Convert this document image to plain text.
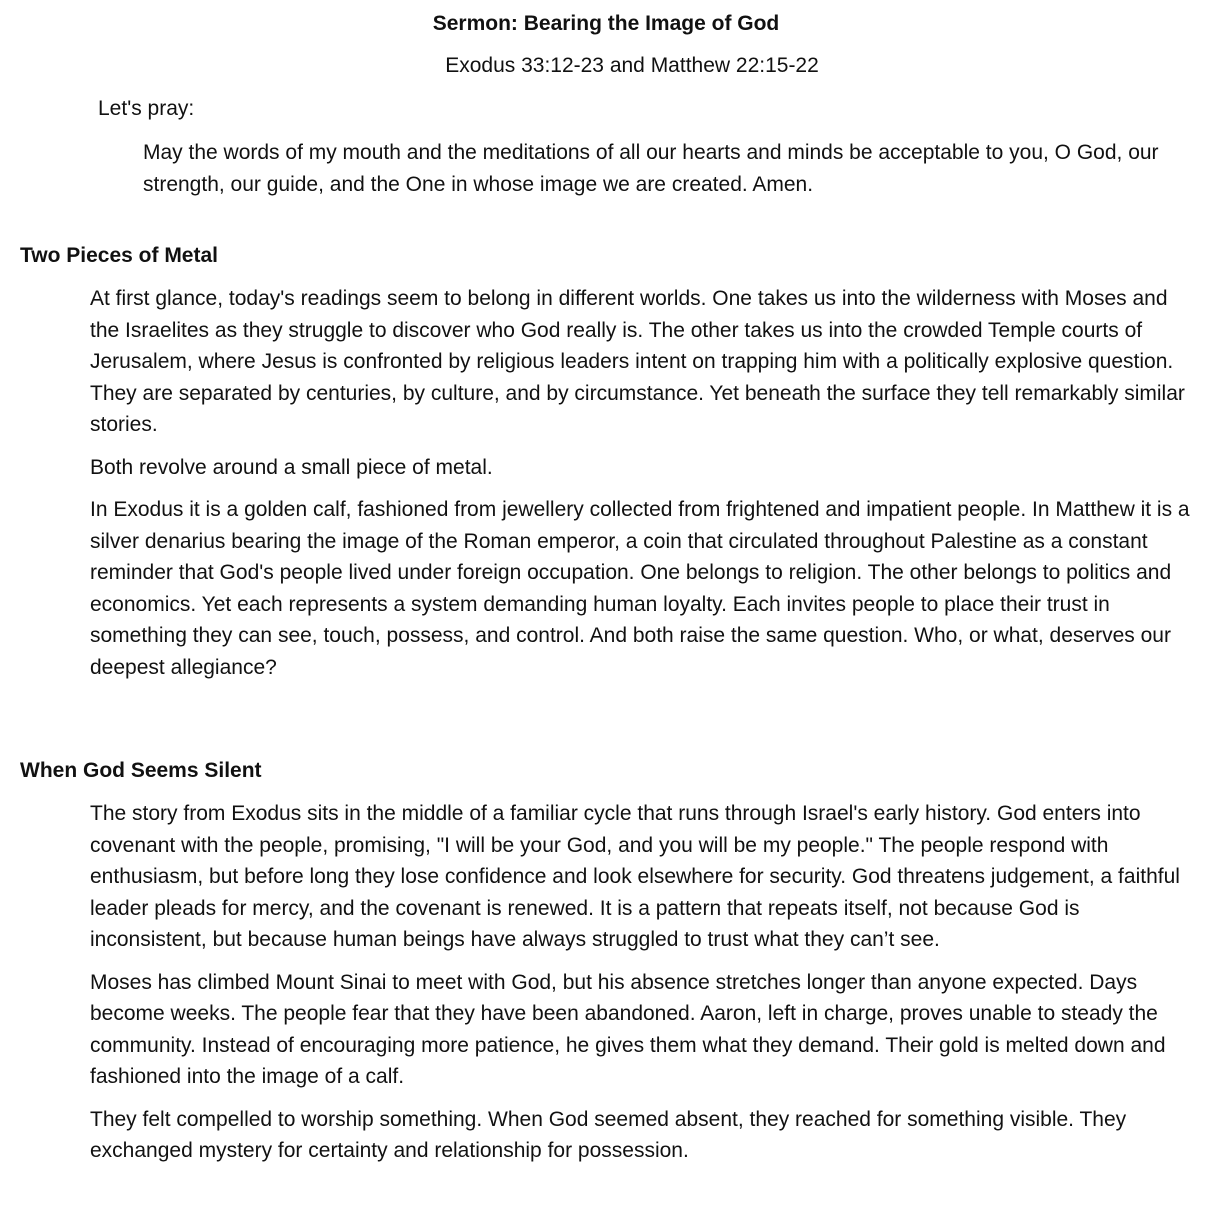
Sermon: Bearing the Image of God

Exodus 33:12-23 and Matthew 22:15-22

Let's pray:

May the words of my mouth and the meditations of all our hearts and minds be acceptable to you, O God, our strength, our guide, and the One in whose image we are created. Amen.

Two Pieces of Metal

At first glance, today's readings seem to belong in different worlds. One takes us into the wilderness with Moses and the Israelites as they struggle to discover who God really is. The other takes us into the crowded Temple courts of Jerusalem, where Jesus is confronted by religious leaders intent on trapping him with a politically explosive question. They are separated by centuries, by culture, and by circumstance. Yet beneath the surface they tell remarkably similar stories.

Both revolve around a small piece of metal.

In Exodus it is a golden calf, fashioned from jewellery collected from frightened and impatient people. In Matthew it is a silver denarius bearing the image of the Roman emperor, a coin that circulated throughout Palestine as a constant reminder that God's people lived under foreign occupation. One belongs to religion. The other belongs to politics and economics. Yet each represents a system demanding human loyalty. Each invites people to place their trust in something they can see, touch, possess, and control. And both raise the same question. Who, or what, deserves our deepest allegiance?

When God Seems Silent

The story from Exodus sits in the middle of a familiar cycle that runs through Israel's early history. God enters into covenant with the people, promising, "I will be your God, and you will be my people." The people respond with enthusiasm, but before long they lose confidence and look elsewhere for security. God threatens judgement, a faithful leader pleads for mercy, and the covenant is renewed. It is a pattern that repeats itself, not because God is inconsistent, but because human beings have always struggled to trust what they can’t see.

Moses has climbed Mount Sinai to meet with God, but his absence stretches longer than anyone expected. Days become weeks. The people fear that they have been abandoned. Aaron, left in charge, proves unable to steady the community. Instead of encouraging more patience, he gives them what they demand. Their gold is melted down and fashioned into the image of a calf.

They felt compelled to worship something. When God seemed absent, they reached for something visible. They exchanged mystery for certainty and relationship for possession.
